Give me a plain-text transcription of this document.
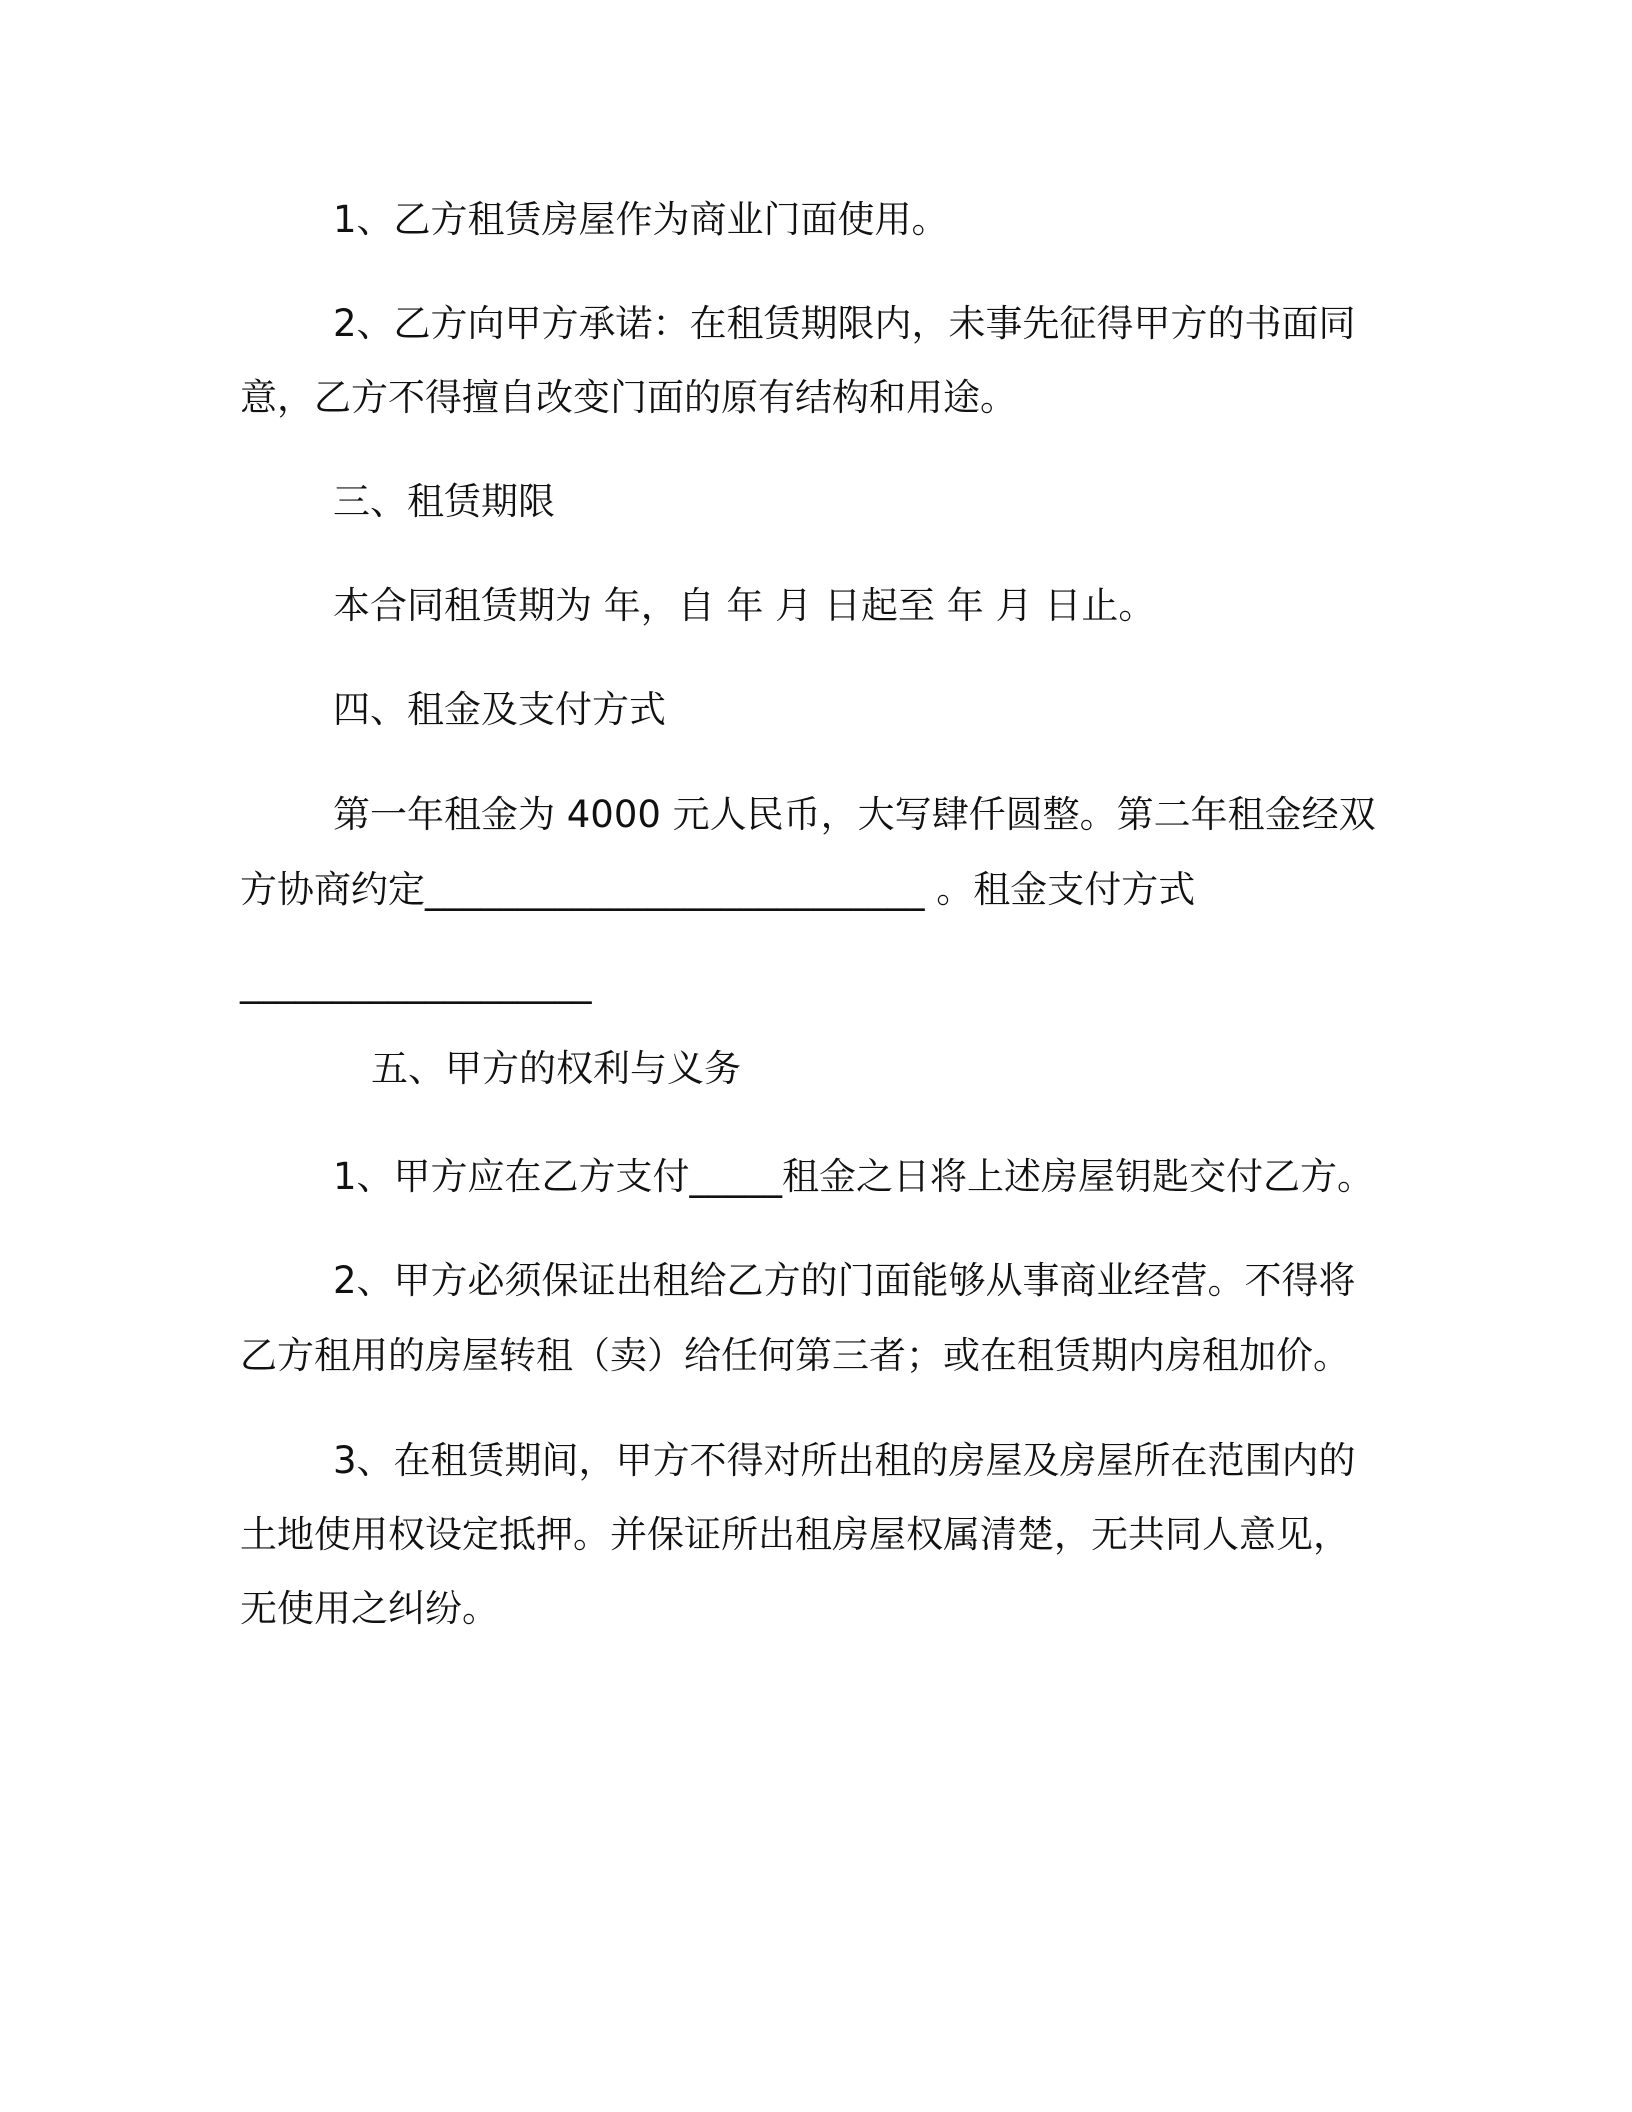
1、乙方租赁房屋作为商业门面使用。
2、乙方向甲方承诺：在租赁期限内，未事先征得甲方的书面同
意，乙方不得擅自改变门面的原有结构和用途。
三、租赁期限
本合同租赁期为 年，自 年 月 日起至 年 月 日止。
四、租金及支付方式
第一年租金为 4000 元人民币，大写肆仟圆整。第二年租金经双
方协商约定___________________________ 。租金支付方式
___________________
五、甲方的权利与义务
1、甲方应在乙方支付_____租金之日将上述房屋钥匙交付乙方。
2、甲方必须保证出租给乙方的门面能够从事商业经营。不得将
乙方租用的房屋转租（卖）给任何第三者；或在租赁期内房租加价。
3、在租赁期间，甲方不得对所出租的房屋及房屋所在范围内的
土地使用权设定抵押。并保证所出租房屋权属清楚，无共同人意见，
无使用之纠纷。
